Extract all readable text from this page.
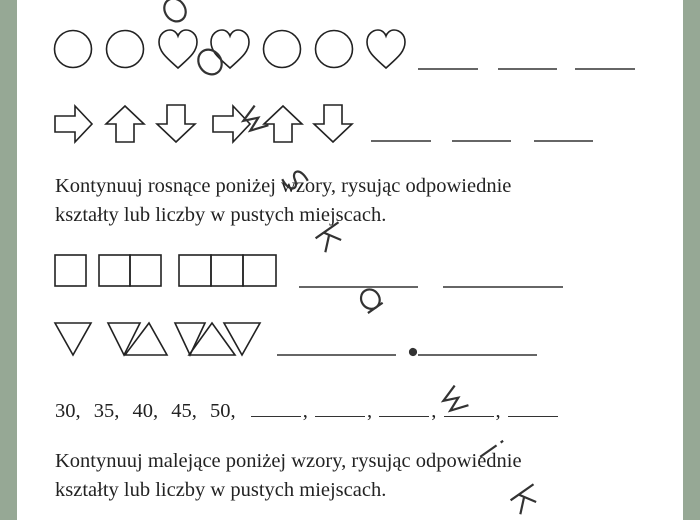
Kontynuuj rosnące poniżej wzory, rysując odpowiednie
kształty lub liczby w pustych miejscach.
30, 35, 40, 45, 50,	,	,	,	,
Kontynuuj malejące poniżej wzory, rysując odpowiednie
kształty lub liczby w pustych miejscach.
